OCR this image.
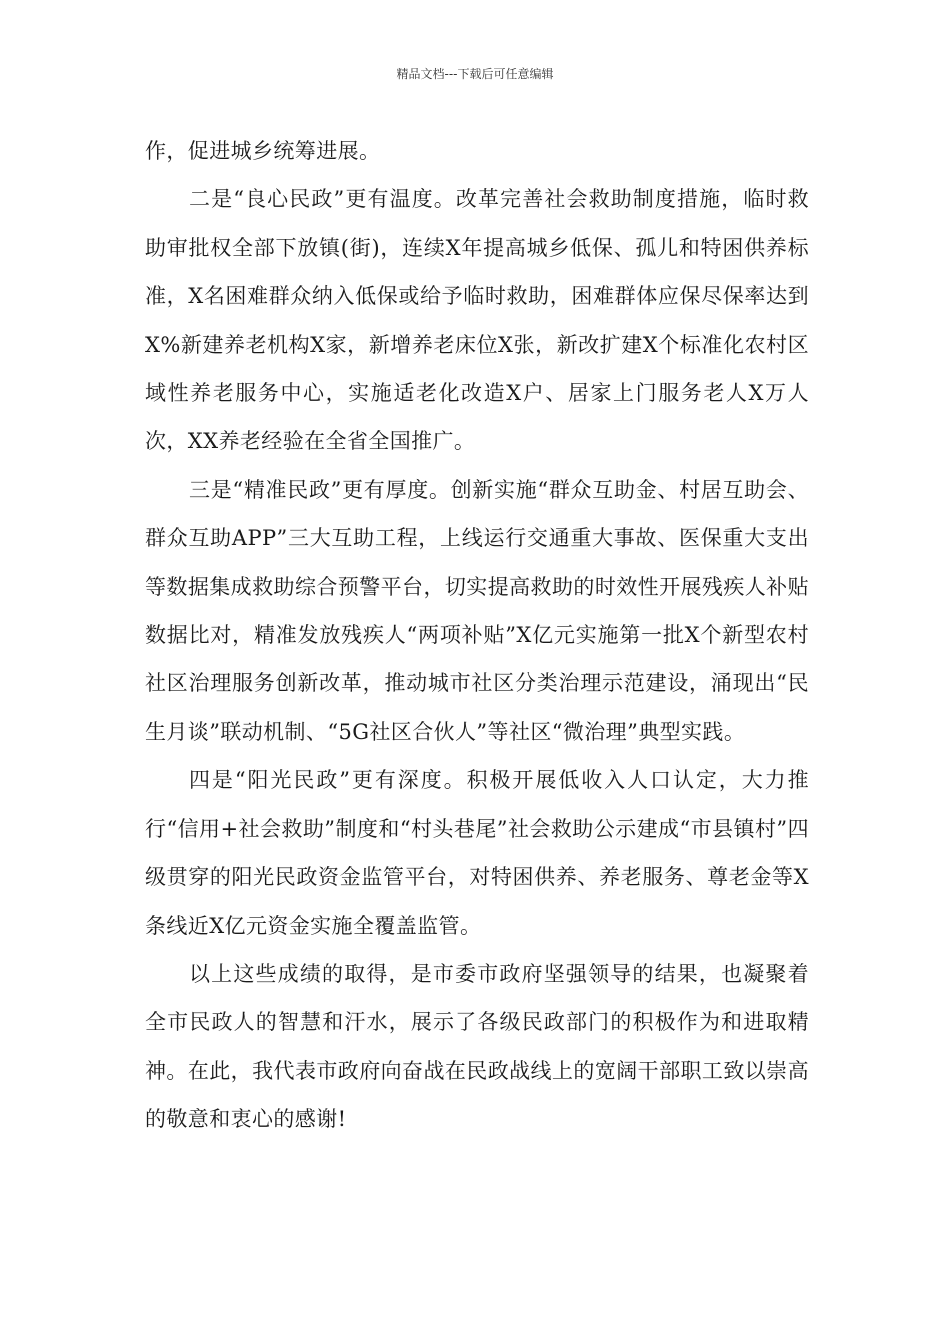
精品文档---下载后可任意编辑

作，促进城乡统筹进展。

二是“良心民政”更有温度。改革完善社会救助制度措施，临时救助审批权全部下放镇(街)，连续X年提高城乡低保、孤儿和特困供养标准，X名困难群众纳入低保或给予临时救助，困难群体应保尽保率达到X%新建养老机构X家，新增养老床位X张，新改扩建X个标准化农村区域性养老服务中心，实施适老化改造X户、居家上门服务老人X万人次，XX养老经验在全省全国推广。

三是“精准民政”更有厚度。创新实施“群众互助金、村居互助会、群众互助APP”三大互助工程，上线运行交通重大事故、医保重大支出等数据集成救助综合预警平台，切实提高救助的时效性开展残疾人补贴数据比对，精准发放残疾人“两项补贴”X亿元实施第一批X个新型农村社区治理服务创新改革，推动城市社区分类治理示范建设，涌现出“民生月谈”联动机制、“5G社区合伙人”等社区“微治理”典型实践。

四是“阳光民政”更有深度。积极开展低收入人口认定，大力推行“信用+社会救助”制度和“村头巷尾”社会救助公示建成“市县镇村”四级贯穿的阳光民政资金监管平台，对特困供养、养老服务、尊老金等X条线近X亿元资金实施全覆盖监管。

以上这些成绩的取得，是市委市政府坚强领导的结果，也凝聚着全市民政人的智慧和汗水，展示了各级民政部门的积极作为和进取精神。在此，我代表市政府向奋战在民政战线上的宽阔干部职工致以崇高的敬意和衷心的感谢!
